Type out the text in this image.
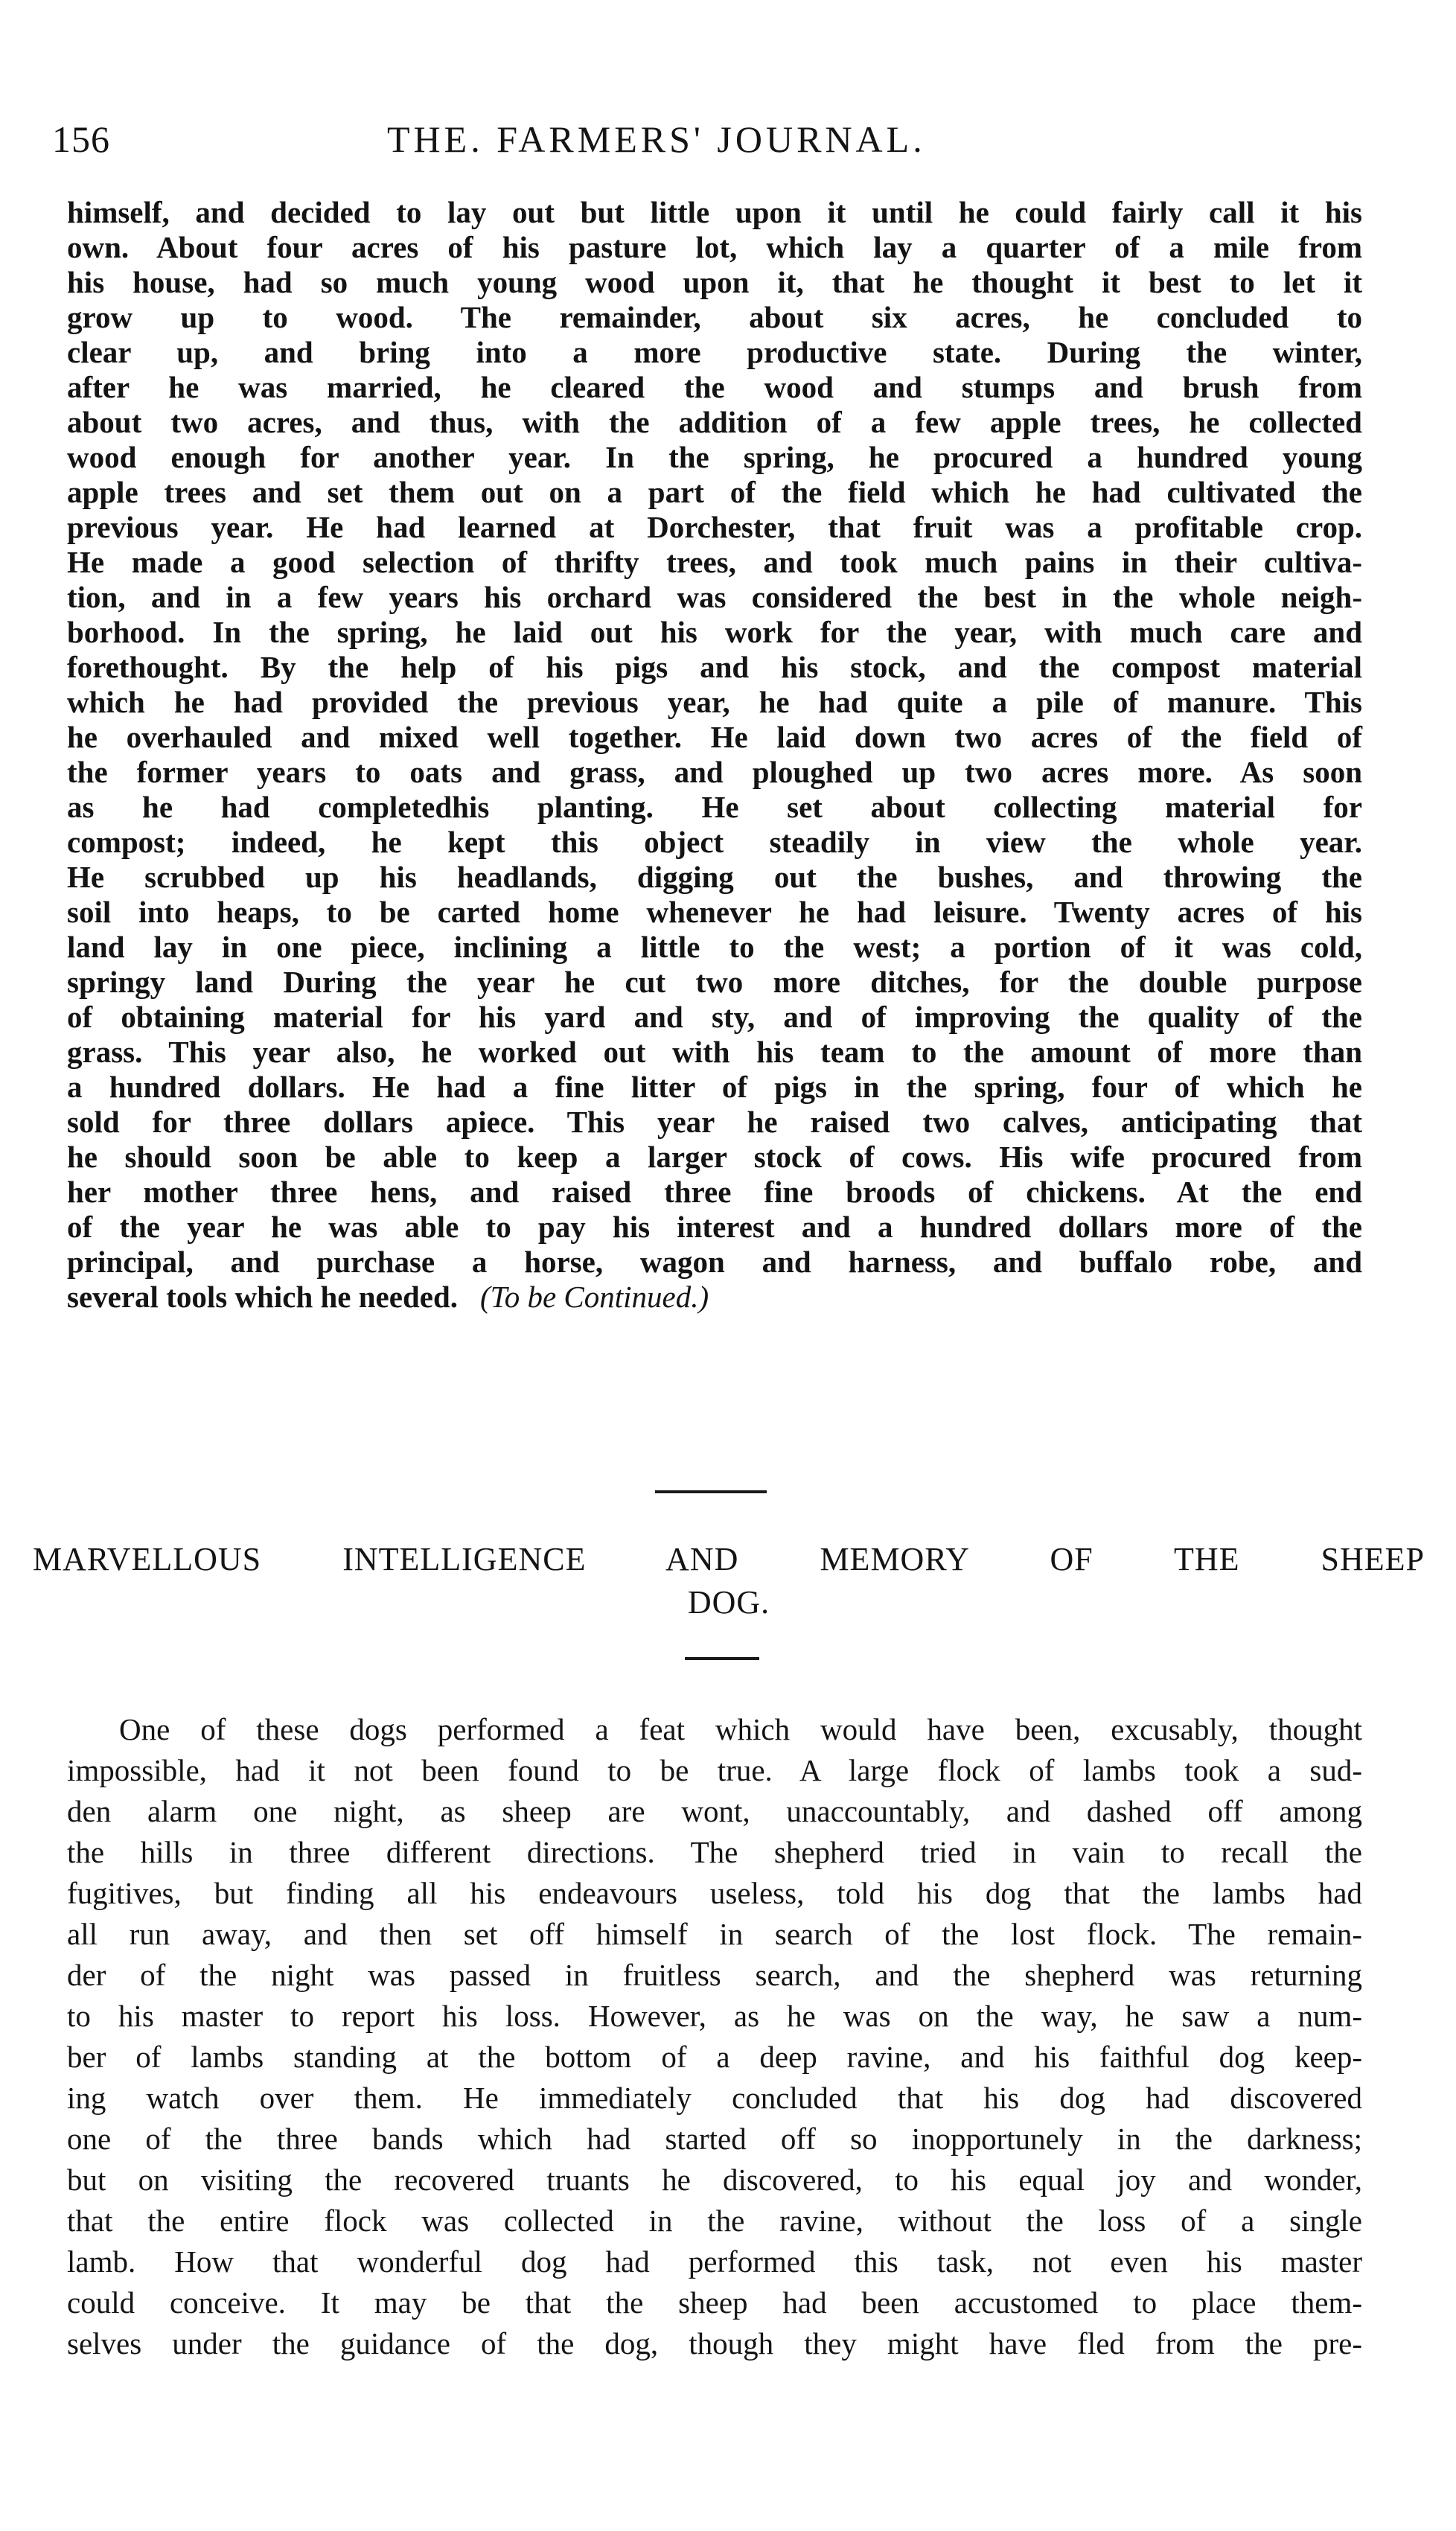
156	THE. FARMERS' JOURNAL.
himself, and decided to lay out but little upon it until he could fairly call it his
own. About four acres of his pasture lot, which lay a quarter of a mile from
his house, had so much young wood upon it, that he thought it best to let it
grow up to wood. The remainder, about six acres, he concluded to
clear up, and bring into a more productive state. During the winter,
after he was married, he cleared the wood and stumps and brush from
about two acres, and thus, with the addition of a few apple trees, he collected
wood enough for another year. In the spring, he procured a hundred young
apple trees and set them out on a part of the field which he had cultivated the
previous year. He had learned at Dorchester, that fruit was a profitable crop.
He made a good selection of thrifty trees, and took much pains in their cultiva-
tion, and in a few years his orchard was considered the best in the whole neigh-
borhood. In the spring, he laid out his work for the year, with much care and
forethought. By the help of his pigs and his stock, and the compost material
which he had provided the previous year, he had quite a pile of manure. This
he overhauled and mixed well together. He laid down two acres of the field of
the former years to oats and grass, and ploughed up two acres more. As soon
as he had completedhis planting. He set about collecting material for
compost; indeed, he kept this object steadily in view the whole year.
He scrubbed up his headlands, digging out the bushes, and throwing the
soil into heaps, to be carted home whenever he had leisure. Twenty acres of his
land lay in one piece, inclining a little to the west; a portion of it was cold,
springy land During the year he cut two more ditches, for the double purpose
of obtaining material for his yard and sty, and of improving the quality of the
grass. This year also, he worked out with his team to the amount of more than
a hundred dollars. He had a fine litter of pigs in the spring, four of which he
sold for three dollars apiece. This year he raised two calves, anticipating that
he should soon be able to keep a larger stock of cows. His wife procured from
her mother three hens, and raised three fine broods of chickens. At the end
of the year he was able to pay his interest and a hundred dollars more of the
principal, and purchase a horse, wagon and harness, and buffalo robe, and
several tools which he needed. (To be Continued.)
MARVELLOUS INTELLIGENCE AND MEMORY OF THE SHEEP
DOG.
One of these dogs performed a feat which would have been, excusably, thought
impossible, had it not been found to be true. A large flock of lambs took a sud-
den alarm one night, as sheep are wont, unaccountably, and dashed off among
the hills in three different directions. The shepherd tried in vain to recall the
fugitives, but finding all his endeavours useless, told his dog that the lambs had
all run away, and then set off himself in search of the lost flock. The remain-
der of the night was passed in fruitless search, and the shepherd was returning
to his master to report his loss. However, as he was on the way, he saw a num-
ber of lambs standing at the bottom of a deep ravine, and his faithful dog keep-
ing watch over them. He immediately concluded that his dog had discovered
one of the three bands which had started off so inopportunely in the darkness;
but on visiting the recovered truants he discovered, to his equal joy and wonder,
that the entire flock was collected in the ravine, without the loss of a single
lamb. How that wonderful dog had performed this task, not even his master
could conceive. It may be that the sheep had been accustomed to place them-
selves under the guidance of the dog, though they might have fled from the pre-
